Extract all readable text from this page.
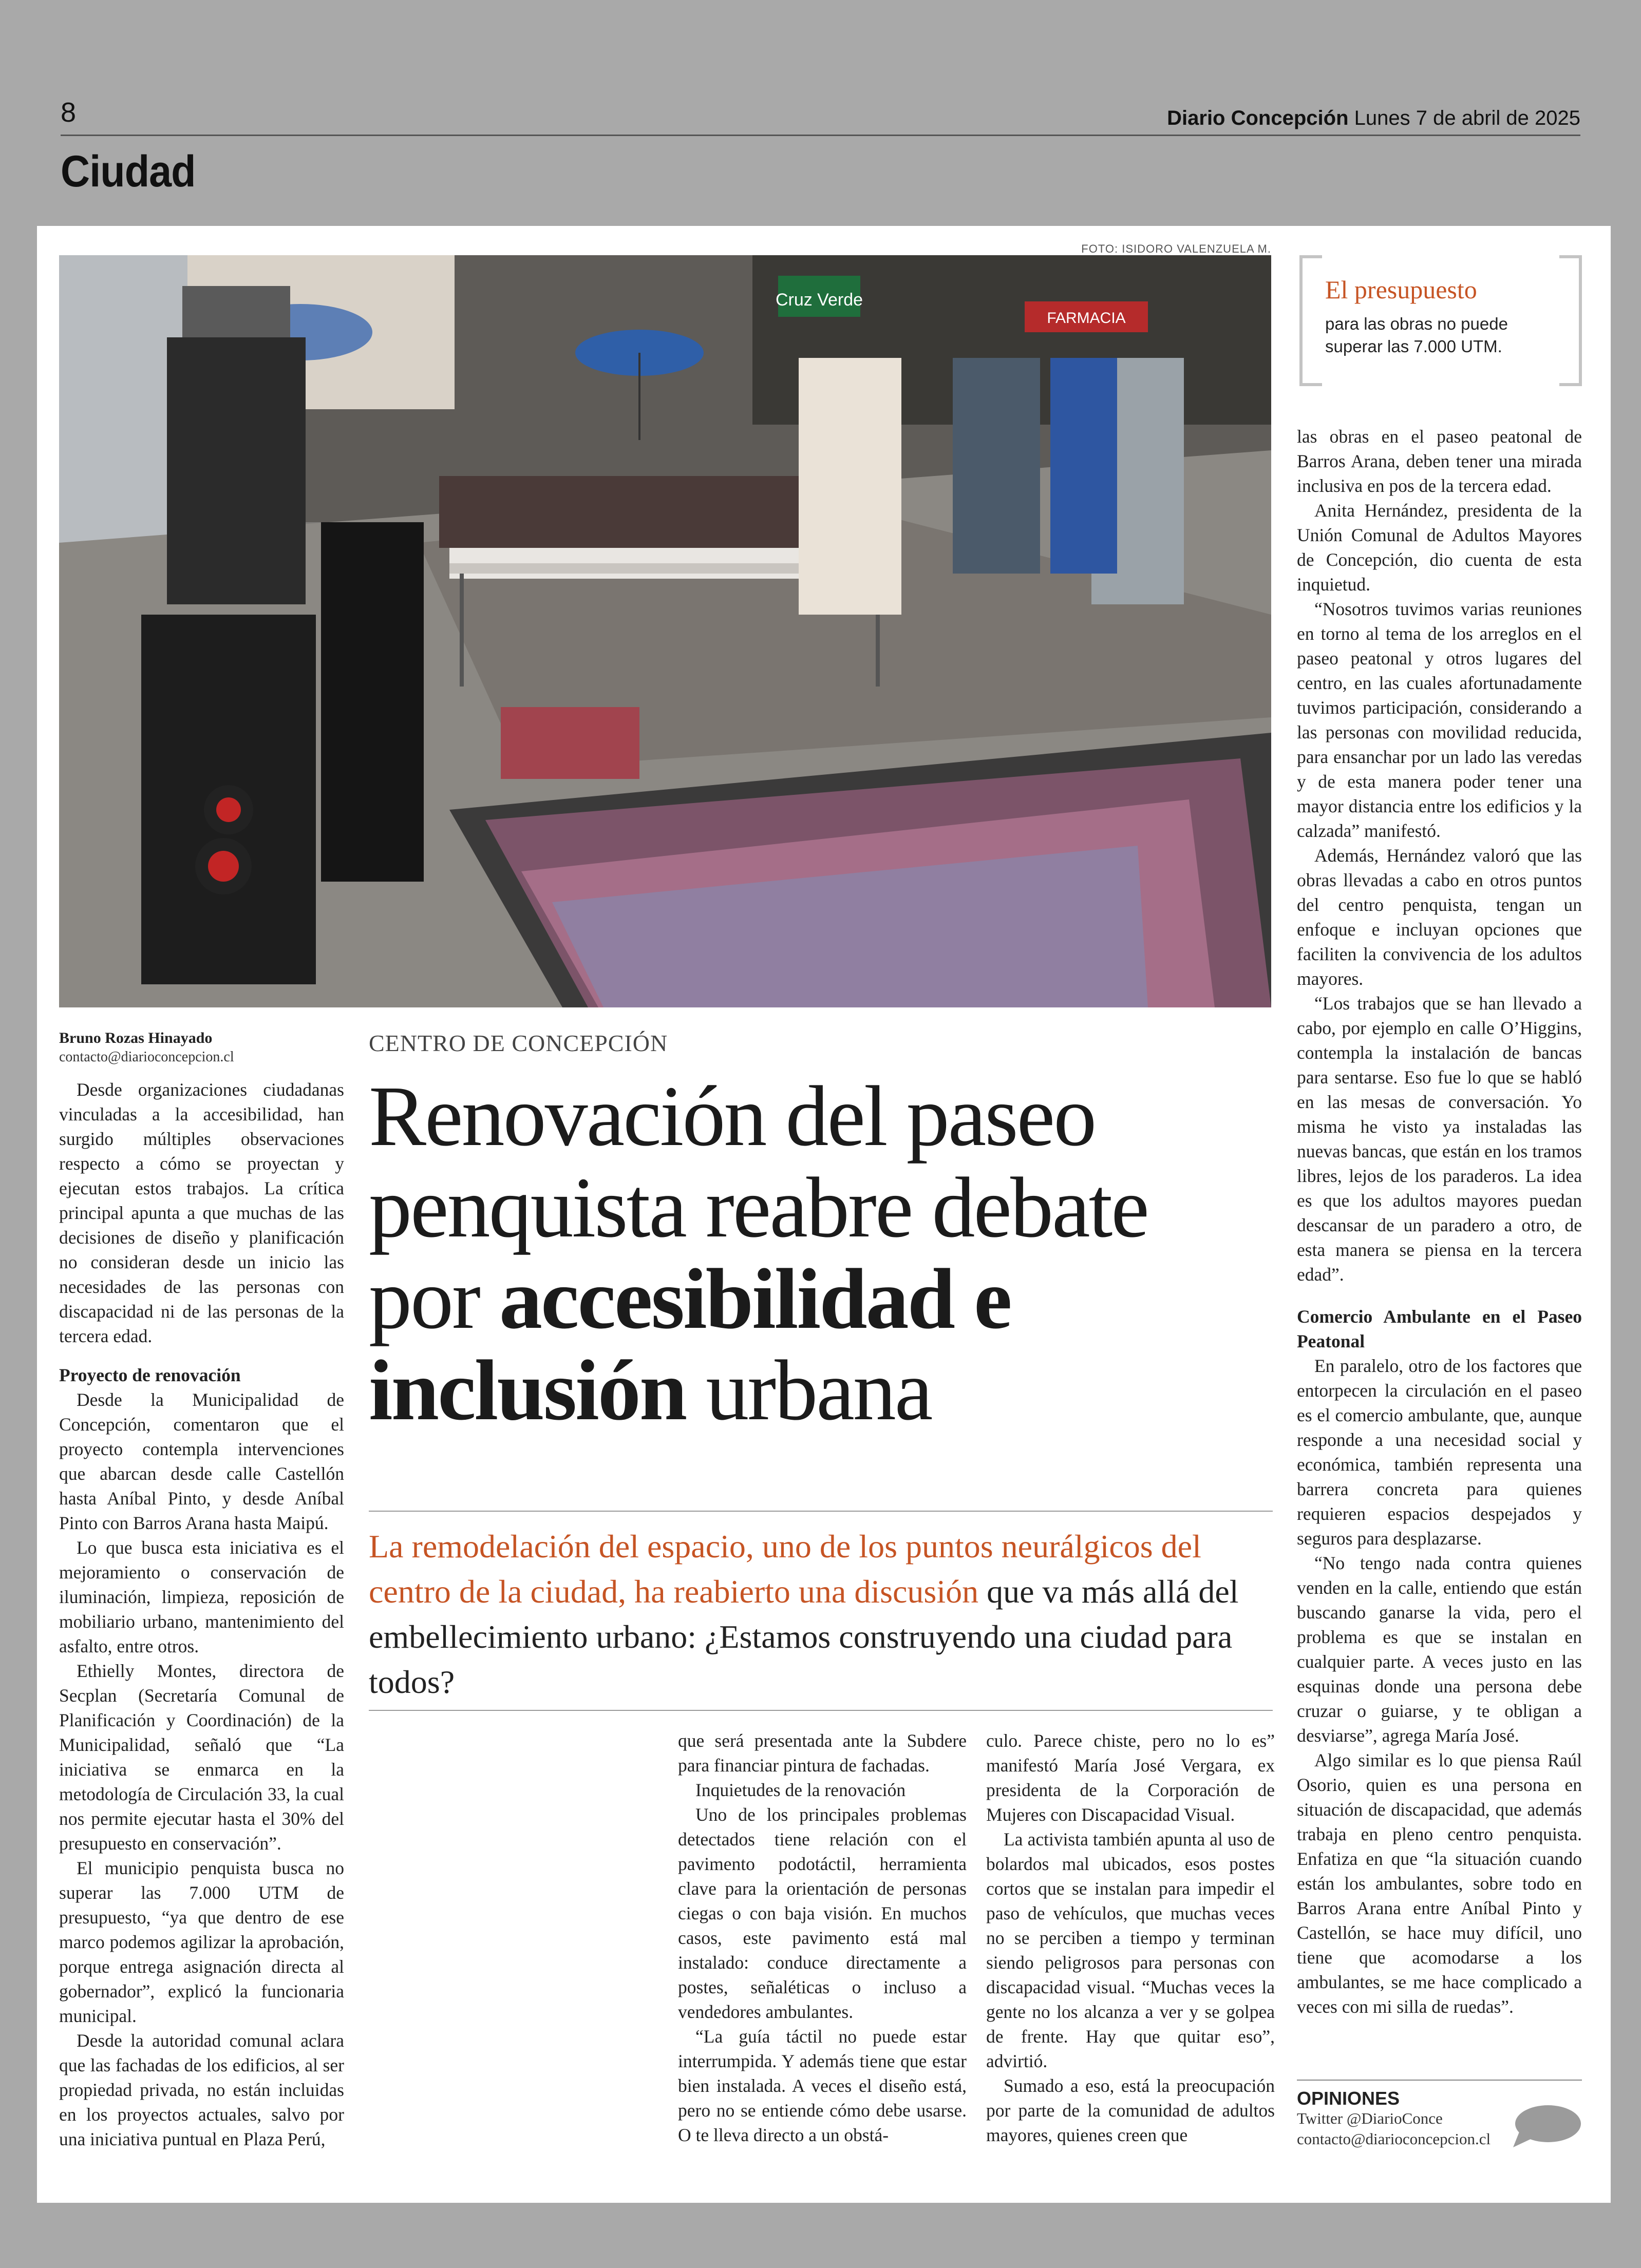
8	Diario Concepción Lunes 7 de abril de 2025
Ciudad
FOTO: ISIDORO VALENZUELA M.
Cruz Verde
FARMACIA
El presupuesto
para las obras no puede superar las 7.000 UTM.
Bruno Rozas Hinayado
contacto@diarioconcepcion.cl
CENTRO DE CONCEPCIÓN
Renovación del paseo
penquista reabre debate
por accesibilidad e
inclusión urbana
La remodelación del espacio, uno de los puntos neurálgicos del centro de la ciudad, ha reabierto una discusión que va más allá del embellecimiento urbano: ¿Estamos construyendo una ciudad para todos?

Desde organizaciones ciudadanas vinculadas a la accesibilidad, han surgido múltiples observaciones respecto a cómo se proyectan y ejecutan estos trabajos. La crítica principal apunta a que muchas de las decisiones de diseño y planificación no consideran desde un inicio las necesidades de las personas con discapacidad ni de las personas de la tercera edad.

Proyecto de renovación

Desde la Municipalidad de Concepción, comentaron que el proyecto contempla intervenciones que abarcan desde calle Castellón hasta Aníbal Pinto, y desde Aníbal Pinto con Barros Arana hasta Maipú.

Lo que busca esta iniciativa es el mejoramiento o conservación de iluminación, limpieza, reposición de mobiliario urbano, mantenimiento del asfalto, entre otros.

Ethielly Montes, directora de Secplan (Secretaría Comunal de Planificación y Coordinación) de la Municipalidad, señaló que “La iniciativa se enmarca en la metodología de Circulación 33, la cual nos permite ejecutar hasta el 30% del presupuesto en conservación”.

El municipio penquista busca no superar las 7.000 UTM de presupuesto, “ya que dentro de ese marco podemos agilizar la aprobación, porque entrega asignación directa al gobernador”, explicó la funcionaria municipal.

Desde la autoridad comunal aclara que las fachadas de los edificios, al ser propiedad privada, no están incluidas en los proyectos actuales, salvo por una iniciativa puntual en Plaza Perú,

que será presentada ante la Subdere para financiar pintura de fachadas.

Inquietudes de la renovación

Uno de los principales problemas detectados tiene relación con el pavimento podotáctil, herramienta clave para la orientación de personas ciegas o con baja visión. En muchos casos, este pavimento está mal instalado: conduce directamente a postes, señaléticas o incluso a vendedores ambulantes.

“La guía táctil no puede estar interrumpida. Y además tiene que estar bien instalada. A veces el diseño está, pero no se entiende cómo debe usarse. O te lleva directo a un obstá-

culo. Parece chiste, pero no lo es” manifestó María José Vergara, ex presidenta de la Corporación de Mujeres con Discapacidad Visual.

La activista también apunta al uso de bolardos mal ubicados, esos postes cortos que se instalan para impedir el paso de vehículos, que muchas veces no se perciben a tiempo y terminan siendo peligrosos para personas con discapacidad visual. “Muchas veces la gente no los alcanza a ver y se golpea de frente. Hay que quitar eso”, advirtió.

Sumado a eso, está la preocupación por parte de la comunidad de adultos mayores, quienes creen que

las obras en el paseo peatonal de Barros Arana, deben tener una mirada inclusiva en pos de la tercera edad.

Anita Hernández, presidenta de la Unión Comunal de Adultos Mayores de Concepción, dio cuenta de esta inquietud.

“Nosotros tuvimos varias reuniones en torno al tema de los arreglos en el paseo peatonal y otros lugares del centro, en las cuales afortunadamente tuvimos participación, considerando a las personas con movilidad reducida, para ensanchar por un lado las veredas y de esta manera poder tener una mayor distancia entre los edificios y la calzada” manifestó.

Además, Hernández valoró que las obras llevadas a cabo en otros puntos del centro penquista, tengan un enfoque e incluyan opciones que faciliten la convivencia de los adultos mayores.

“Los trabajos que se han llevado a cabo, por ejemplo en calle O’Higgins, contempla la instalación de bancas para sentarse. Eso fue lo que se habló en las mesas de conversación. Yo misma he visto ya instaladas las nuevas bancas, que están en los tramos libres, lejos de los paraderos. La idea es que los adultos mayores puedan descansar de un paradero a otro, de esta manera se piensa en la tercera edad”.

Comercio Ambulante en el Paseo Peatonal

En paralelo, otro de los factores que entorpecen la circulación en el paseo es el comercio ambulante, que, aunque responde a una necesidad social y económica, también representa una barrera concreta para quienes requieren espacios despejados y seguros para desplazarse.

“No tengo nada contra quienes venden en la calle, entiendo que están buscando ganarse la vida, pero el problema es que se instalan en cualquier parte. A veces justo en las esquinas donde una persona debe cruzar o guiarse, y te obligan a desviarse”, agrega María José.

Algo similar es lo que piensa Raúl Osorio, quien es una persona en situación de discapacidad, que además trabaja en pleno centro penquista. Enfatiza en que “la situación cuando están los ambulantes, sobre todo en Barros Arana entre Aníbal Pinto y Castellón, se hace muy difícil, uno tiene que acomodarse a los ambulantes, se me hace complicado a veces con mi silla de ruedas”.

OPINIONES
Twitter @DiarioConce
contacto@diarioconcepcion.cl
